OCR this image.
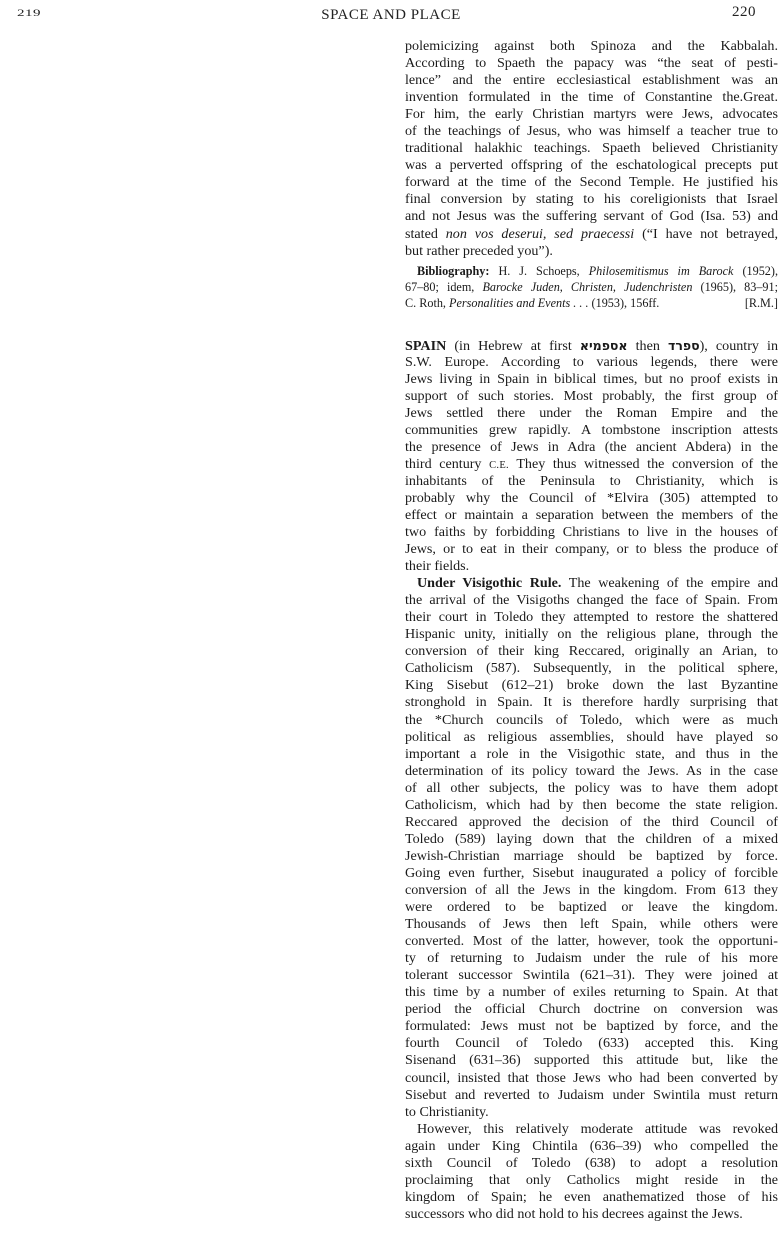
219	SPACE AND PLACE	220
polemicizing against both Spinoza and the Kabbalah.
According to Spaeth the papacy was “the seat of pesti-
lence” and the entire ecclesiastical establishment was an
invention formulated in the time of Constantine the.Great.
For him, the early Christian martyrs were Jews, advocates
of the teachings of Jesus, who was himself a teacher true to
traditional halakhic teachings. Spaeth believed Christianity
was a perverted offspring of the eschatological precepts put
forward at the time of the Second Temple. He justified his
final conversion by stating to his coreligionists that Israel
and not Jesus was the suffering servant of God (Isa. 53) and
stated non vos deserui, sed praecessi (“I have not betrayed,
but rather preceded you”).
Bibliography: H. J. Schoeps, Philosemitismus im Barock (1952),
67–80; idem, Barocke Juden, Christen, Judenchristen (1965), 83–91;
C. Roth, Personalities and Events . . . (1953), 156ff.	[R.M.]
SPAIN (in Hebrew at first אספמיא then ספרד), country in
S.W. Europe. According to various legends, there were
Jews living in Spain in biblical times, but no proof exists in
support of such stories. Most probably, the first group of
Jews settled there under the Roman Empire and the
communities grew rapidly. A tombstone inscription attests
the presence of Jews in Adra (the ancient Abdera) in the
third century C.E. They thus witnessed the conversion of the
inhabitants of the Peninsula to Christianity, which is
probably why the Council of *Elvira (305) attempted to
effect or maintain a separation between the members of the
two faiths by forbidding Christians to live in the houses of
Jews, or to eat in their company, or to bless the produce of
their fields.
Under Visigothic Rule. The weakening of the empire and
the arrival of the Visigoths changed the face of Spain. From
their court in Toledo they attempted to restore the shattered
Hispanic unity, initially on the religious plane, through the
conversion of their king Reccared, originally an Arian, to
Catholicism (587). Subsequently, in the political sphere,
King Sisebut (612–21) broke down the last Byzantine
stronghold in Spain. It is therefore hardly surprising that
the *Church councils of Toledo, which were as much
political as religious assemblies, should have played so
important a role in the Visigothic state, and thus in the
determination of its policy toward the Jews. As in the case
of all other subjects, the policy was to have them adopt
Catholicism, which had by then become the state religion.
Reccared approved the decision of the third Council of
Toledo (589) laying down that the children of a mixed
Jewish-Christian marriage should be baptized by force.
Going even further, Sisebut inaugurated a policy of forcible
conversion of all the Jews in the kingdom. From 613 they
were ordered to be baptized or leave the kingdom.
Thousands of Jews then left Spain, while others were
converted. Most of the latter, however, took the opportuni-
ty of returning to Judaism under the rule of his more
tolerant successor Swintila (621–31). They were joined at
this time by a number of exiles returning to Spain. At that
period the official Church doctrine on conversion was
formulated: Jews must not be baptized by force, and the
fourth Council of Toledo (633) accepted this. King
Sisenand (631–36) supported this attitude but, like the
council, insisted that those Jews who had been converted by
Sisebut and reverted to Judaism under Swintila must return
to Christianity.
However, this relatively moderate attitude was revoked
again under King Chintila (636–39) who compelled the
sixth Council of Toledo (638) to adopt a resolution
proclaiming that only Catholics might reside in the
kingdom of Spain; he even anathematized those of his
successors who did not hold to his decrees against the Jews.
